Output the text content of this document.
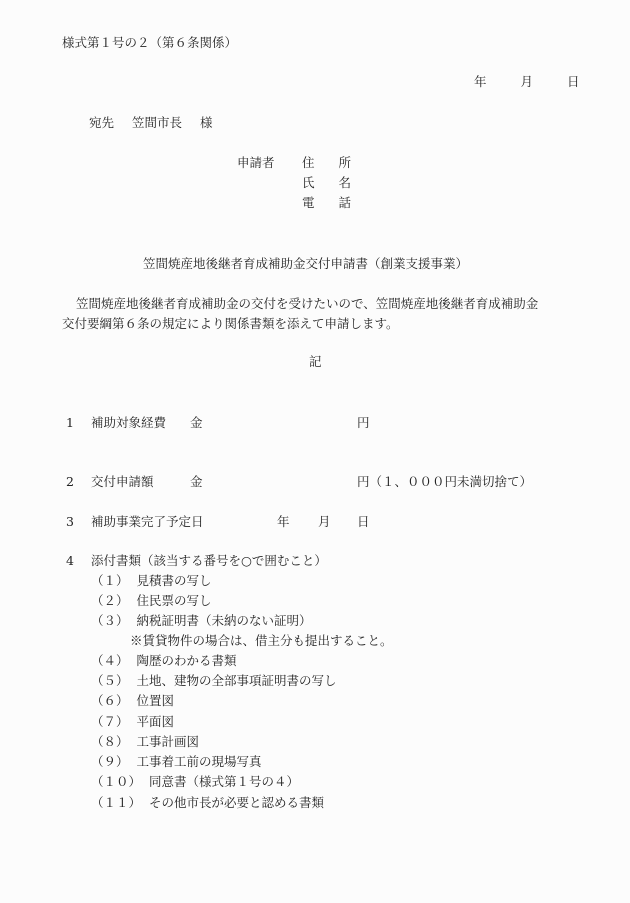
様式第１号の２（第６条関係）
年	月	日
宛先 笠間市長 様
申請者 住 所
氏 名
電 話
笠間焼産地後継者育成補助金交付申請書（創業支援事業）
笠間焼産地後継者育成補助金の交付を受けたいので、笠間焼産地後継者育成補助金
交付要綱第６条の規定により関係書類を添えて申請します。
記
1 補助対象経費 金	円
2 交付申請額	金	円（１、０００円未満切捨て）
3 補助事業完了予定日	年 月 日
4 添付書類（該当する番号を○で囲むこと）
（１） 見積書の写し
（２） 住民票の写し
（３） 納税証明書（未納のない証明）
※賃貸物件の場合は、借主分も提出すること。
（４） 陶歴のわかる書類
（５） 土地、建物の全部事項証明書の写し
（６） 位置図
（７） 平面図
（８） 工事計画図
（９） 工事着工前の現場写真
（１０） 同意書（様式第１号の４）
（１１） その他市長が必要と認める書類
